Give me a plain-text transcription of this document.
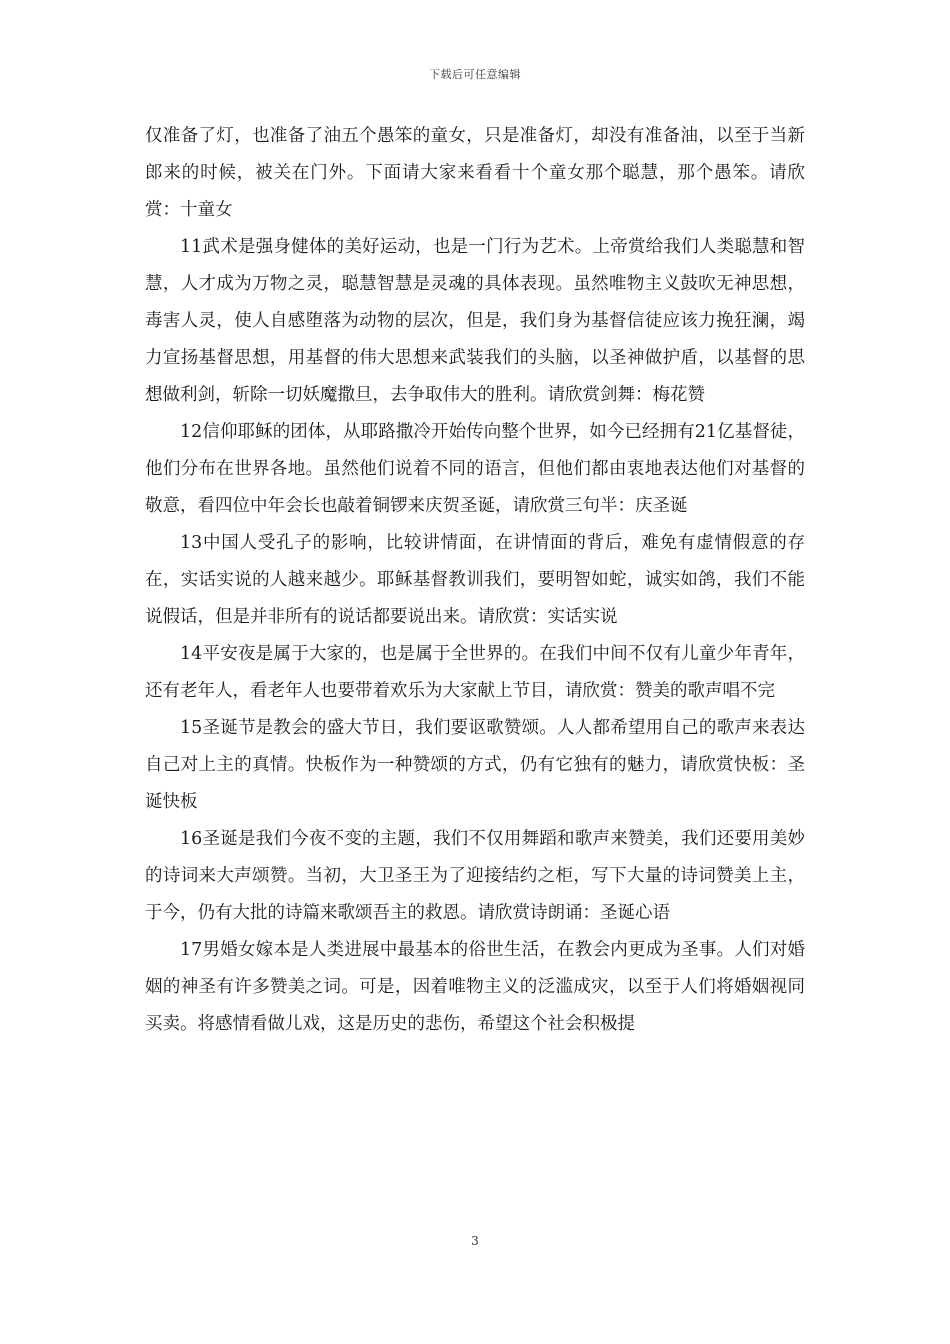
下载后可任意编辑

仅准备了灯，也准备了油五个愚笨的童女，只是准备灯，却没有准备油，以至于当新郎来的时候，被关在门外。下面请大家来看看十个童女那个聪慧，那个愚笨。请欣赏：十童女

11武术是强身健体的美好运动，也是一门行为艺术。上帝赏给我们人类聪慧和智慧，人才成为万物之灵，聪慧智慧是灵魂的具体表现。虽然唯物主义鼓吹无神思想，毒害人灵，使人自感堕落为动物的层次，但是，我们身为基督信徒应该力挽狂澜，竭力宣扬基督思想，用基督的伟大思想来武装我们的头脑，以圣神做护盾，以基督的思想做利剑，斩除一切妖魔撒旦，去争取伟大的胜利。请欣赏剑舞：梅花赞

12信仰耶稣的团体，从耶路撒冷开始传向整个世界，如今已经拥有21亿基督徒，他们分布在世界各地。虽然他们说着不同的语言，但他们都由衷地表达他们对基督的敬意，看四位中年会长也敲着铜锣来庆贺圣诞，请欣赏三句半：庆圣诞

13中国人受孔子的影响，比较讲情面，在讲情面的背后，难免有虚情假意的存在，实话实说的人越来越少。耶稣基督教训我们，要明智如蛇，诚实如鸽，我们不能说假话，但是并非所有的说话都要说出来。请欣赏：实话实说

14平安夜是属于大家的，也是属于全世界的。在我们中间不仅有儿童少年青年，还有老年人，看老年人也要带着欢乐为大家献上节目，请欣赏：赞美的歌声唱不完

15圣诞节是教会的盛大节日，我们要讴歌赞颂。人人都希望用自己的歌声来表达自己对上主的真情。快板作为一种赞颂的方式，仍有它独有的魅力，请欣赏快板：圣诞快板

16圣诞是我们今夜不变的主题，我们不仅用舞蹈和歌声来赞美，我们还要用美妙的诗词来大声颂赞。当初，大卫圣王为了迎接结约之柜，写下大量的诗词赞美上主，于今，仍有大批的诗篇来歌颂吾主的救恩。请欣赏诗朗诵：圣诞心语

17男婚女嫁本是人类进展中最基本的俗世生活，在教会内更成为圣事。人们对婚姻的神圣有许多赞美之词。可是，因着唯物主义的泛滥成灾，以至于人们将婚姻视同买卖。将感情看做儿戏，这是历史的悲伤，希望这个社会积极提

3
